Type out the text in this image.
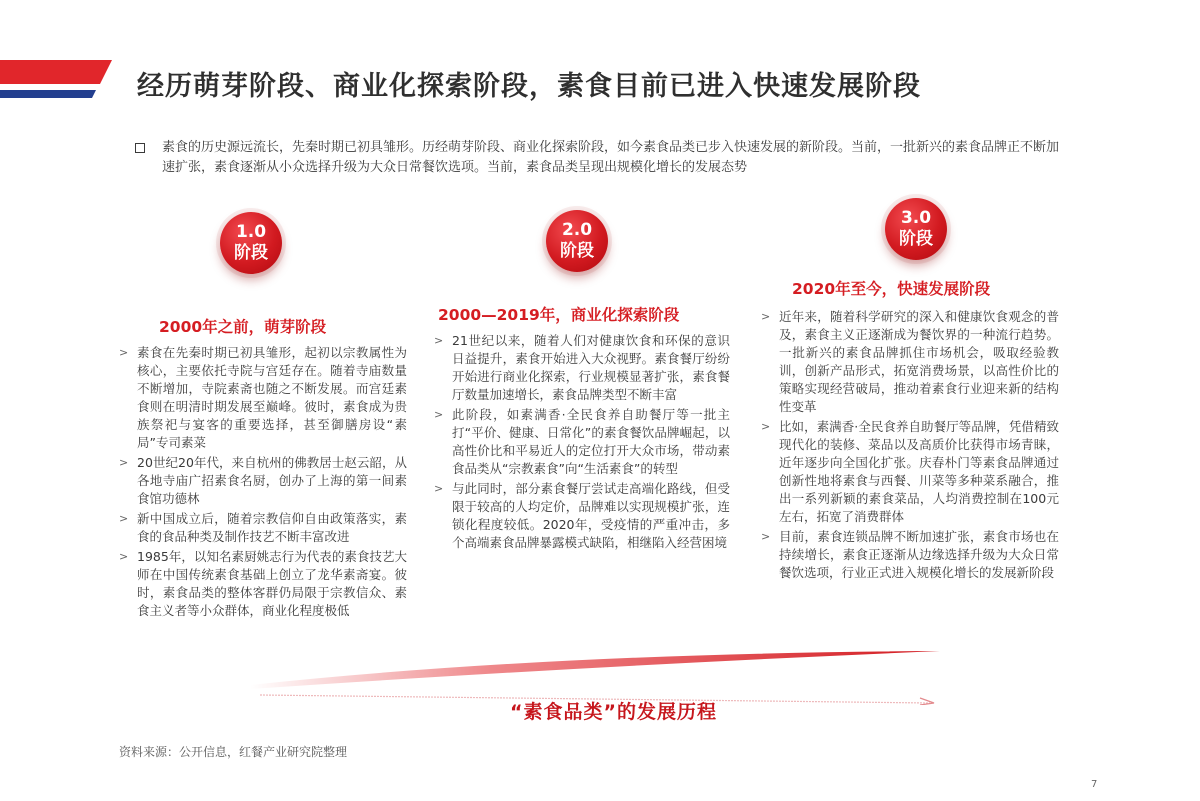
经历萌芽阶段、商业化探索阶段，素食目前已进入快速发展阶段

素食的历史源远流长，先秦时期已初具雏形。历经萌芽阶段、商业化探索阶段，如今素食品类已步入快速发展的新阶段。当前，一批新兴的素食品牌正不断加速扩张，素食逐渐从小众选择升级为大众日常餐饮选项。当前，素食品类呈现出规模化增长的发展态势

1.0
阶段
2000年之前，萌芽阶段
> 素食在先秦时期已初具雏形，起初以宗教属性为核心，主要依托寺院与宫廷存在。随着寺庙数量不断增加，寺院素斋也随之不断发展。而宫廷素食则在明清时期发展至巅峰。彼时，素食成为贵族祭祀与宴客的重要选择，甚至御膳房设“素局”专司素菜
> 20世纪20年代，来自杭州的佛教居士赵云韶，从各地寺庙广招素食名厨，创办了上海的第一间素食馆功德林
> 新中国成立后，随着宗教信仰自由政策落实，素食的食品种类及制作技艺不断丰富改进
> 1985年，以知名素厨姚志行为代表的素食技艺大师在中国传统素食基础上创立了龙华素斋宴。彼时，素食品类的整体客群仍局限于宗教信众、素食主义者等小众群体，商业化程度极低
2.0
阶段
2000—2019年，商业化探索阶段
> 21世纪以来，随着人们对健康饮食和环保的意识日益提升，素食开始进入大众视野。素食餐厅纷纷开始进行商业化探索，行业规模显著扩张，素食餐厅数量加速增长，素食品牌类型不断丰富
> 此阶段，如素满香·全民食养自助餐厅等一批主打“平价、健康、日常化”的素食餐饮品牌崛起，以高性价比和平易近人的定位打开大众市场，带动素食品类从“宗教素食”向“生活素食”的转型
> 与此同时，部分素食餐厅尝试走高端化路线，但受限于较高的人均定价，品牌难以实现规模扩张，连锁化程度较低。2020年，受疫情的严重冲击，多个高端素食品牌暴露模式缺陷，相继陷入经营困境
3.0
阶段
2020年至今，快速发展阶段
> 近年来，随着科学研究的深入和健康饮食观念的普及，素食主义正逐渐成为餐饮界的一种流行趋势。一批新兴的素食品牌抓住市场机会，吸取经验教训，创新产品形式，拓宽消费场景，以高性价比的策略实现经营破局，推动着素食行业迎来新的结构性变革
> 比如，素满香·全民食养自助餐厅等品牌，凭借精致现代化的装修、菜品以及高质价比获得市场青睐，近年逐步向全国化扩张。庆春朴门等素食品牌通过创新性地将素食与西餐、川菜等多种菜系融合，推出一系列新颖的素食菜品，人均消费控制在100元左右，拓宽了消费群体
> 目前，素食连锁品牌不断加速扩张，素食市场也在持续增长，素食正逐渐从边缘选择升级为大众日常餐饮选项，行业正式进入规模化增长的发展新阶段
“素食品类”的发展历程
资料来源：公开信息，红餐产业研究院整理
7
